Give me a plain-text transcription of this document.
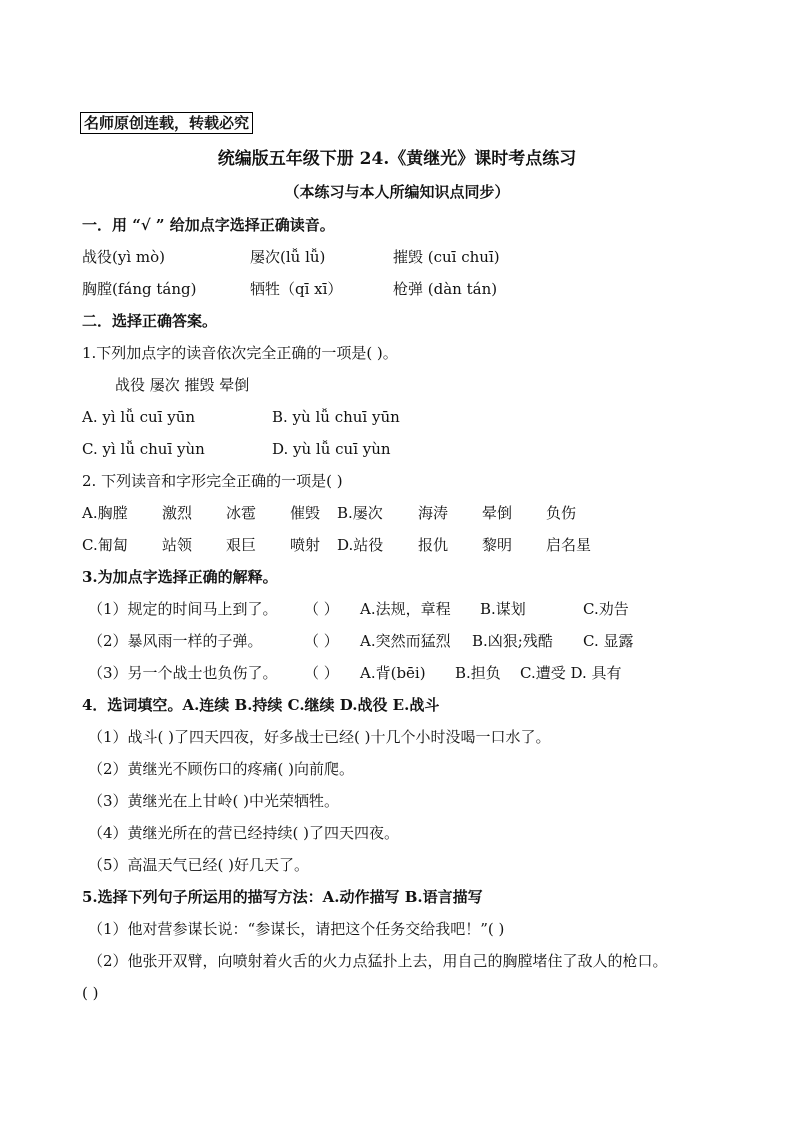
名师原创连载，转载必究
统编版五年级下册 24.《黄继光》课时考点练习
（本练习与本人所编知识点同步）
一．用 “√ ” 给加点字选择正确读音。
战役(yì mò)	屡次(lǚ lǚ)	摧毁 (cuī chuī)
胸膛(fáng táng)	牺牲（qī xī）	枪弹 (dàn tán)
二．选择正确答案。
1.下列加点字的读音依次完全正确的一项是( )。
战役 屡次 摧毁 晕倒
A. yì lǚ cuī yūn	B. yù lǚ chuī yūn
C. yì lǚ chuī yùn	D. yù lǚ cuī yùn
2. 下列读音和字形完全正确的一项是( )
A.胸膛 激烈 冰雹 催毁 B.屡次 海涛 晕倒 负伤
C.匍匐 站领 艰巨 喷射 D.站役 报仇 黎明 启名星
3.为加点字选择正确的解释。
（1）规定的时间马上到了。 （ ） A.法规，章程 B.谋划	C.劝告
（2）暴风雨一样的子弹。	（ ） A.突然而猛烈 B.凶狠;残酷 C. 显露
（3）另一个战士也负伤了。 （ ） A.背(bēi) B.担负 C.遭受 D. 具有
4．选词填空。A.连续 B.持续 C.继续 D.战役 E.战斗
（1）战斗( )了四天四夜，好多战士已经( )十几个小时没喝一口水了。
（2）黄继光不顾伤口的疼痛( )向前爬。
（3）黄继光在上甘岭( )中光荣牺牲。
（4）黄继光所在的营已经持续( )了四天四夜。
（5）高温天气已经( )好几天了。
5.选择下列句子所运用的描写方法：A.动作描写 B.语言描写
（1）他对营参谋长说：“参谋长，请把这个任务交给我吧！”( )
（2）他张开双臂，向喷射着火舌的火力点猛扑上去，用自己的胸膛堵住了敌人的枪口。
( )
